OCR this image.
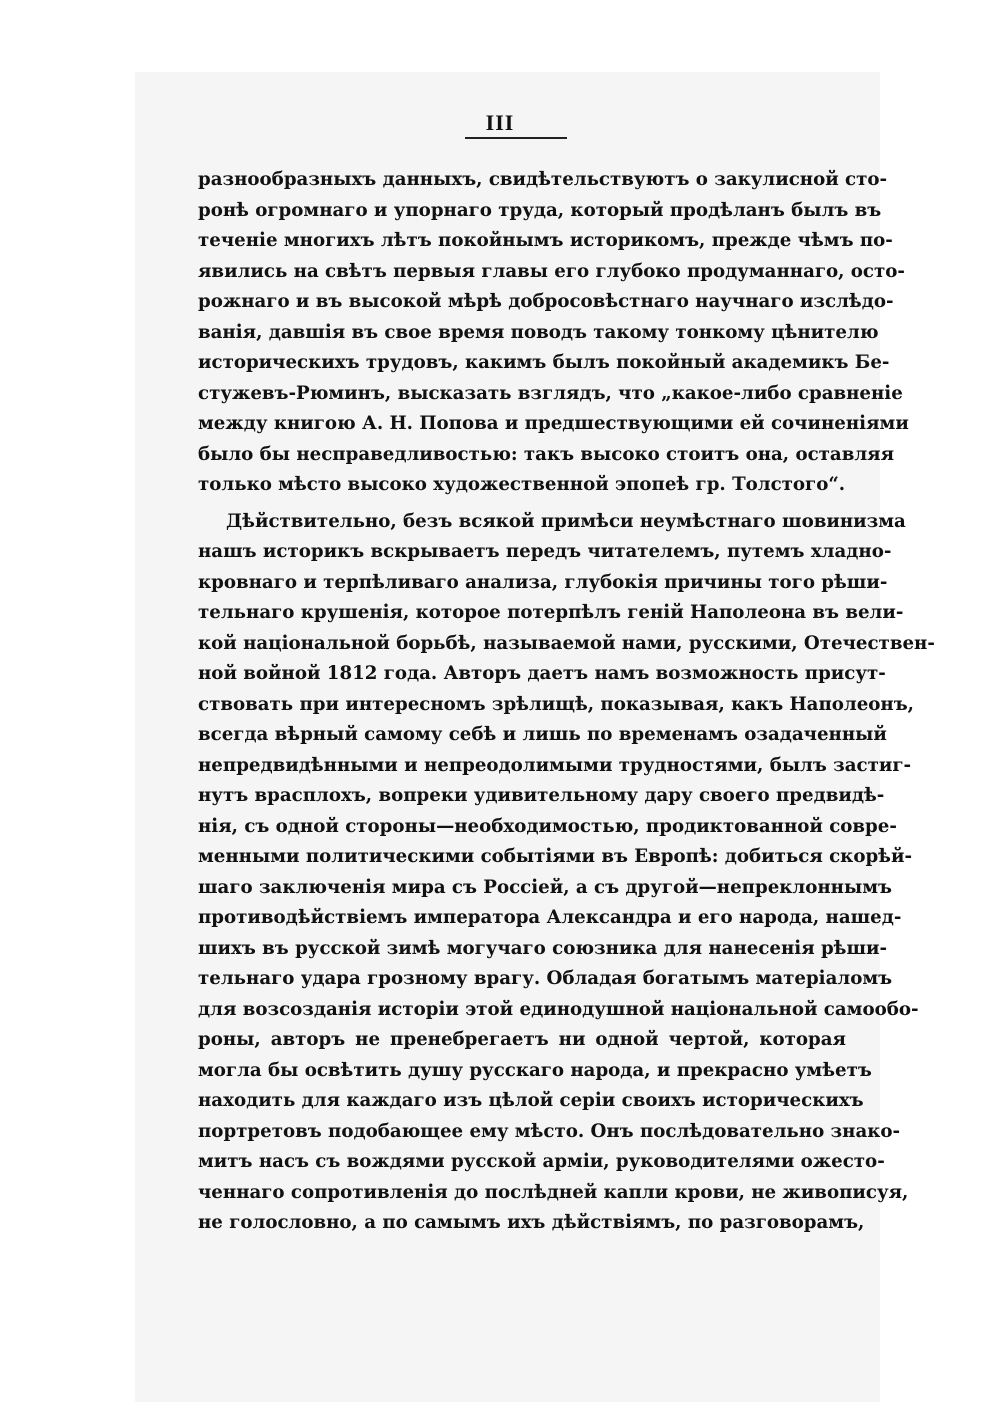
III
разнообразныхъ данныхъ, свидѣтельствуютъ о закулисной сто-
ронѣ огромнаго и упорнаго труда, который продѣланъ былъ въ
теченіе многихъ лѣтъ покойнымъ историкомъ, прежде чѣмъ по-
явились на свѣтъ первыя главы его глубоко продуманнаго, осто-
рожнаго и въ высокой мѣрѣ добросовѣстнаго научнаго изслѣдо-
ванія, давшія въ свое время поводъ такому тонкому цѣнителю
историческихъ трудовъ, какимъ былъ покойный академикъ Бе-
стужевъ-Рюминъ, высказать взглядъ, что „какое-либо сравненіе
между книгою А. Н. Попова и предшествующими ей сочиненіями
было бы несправедливостью: такъ высоко стоитъ она, оставляя
только мѣсто высоко художественной эпопеѣ гр. Толстого“.
Дѣйствительно, безъ всякой примѣси неумѣстнаго шовинизма
нашъ историкъ вскрываетъ передъ читателемъ, путемъ хладно-
кровнаго и терпѣливаго анализа, глубокія причины того рѣши-
тельнаго крушенія, которое потерпѣлъ геній Наполеона въ вели-
кой національной борьбѣ, называемой нами, русскими, Отечествен-
ной войной 1812 года. Авторъ даетъ намъ возможность присут-
ствовать при интересномъ зрѣлищѣ, показывая, какъ Наполеонъ,
всегда вѣрный самому себѣ и лишь по временамъ озадаченный
непредвидѣнными и непреодолимыми трудностями, былъ застиг-
нутъ врасплохъ, вопреки удивительному дару своего предвидѣ-
нія, съ одной стороны—необходимостью, продиктованной совре-
менными политическими событіями въ Европѣ: добиться скорѣй-
шаго заключенія мира съ Россіей, а съ другой—непреклоннымъ
противодѣйствіемъ императора Александра и его народа, нашед-
шихъ въ русской зимѣ могучаго союзника для нанесенія рѣши-
тельнаго удара грозному врагу. Обладая богатымъ матеріаломъ
для возсозданія исторіи этой единодушной національной самообо-
роны, авторъ не пренебрегаетъ ни одной чертой, которая
могла бы освѣтить душу русскаго народа, и прекрасно умѣетъ
находить для каждаго изъ цѣлой серіи своихъ историческихъ
портретовъ подобающее ему мѣсто. Онъ послѣдовательно знако-
митъ насъ съ вождями русской арміи, руководителями ожесто-
ченнаго сопротивленія до послѣдней капли крови, не живописуя,
не голословно, а по самымъ ихъ дѣйствіямъ, по разговорамъ,
